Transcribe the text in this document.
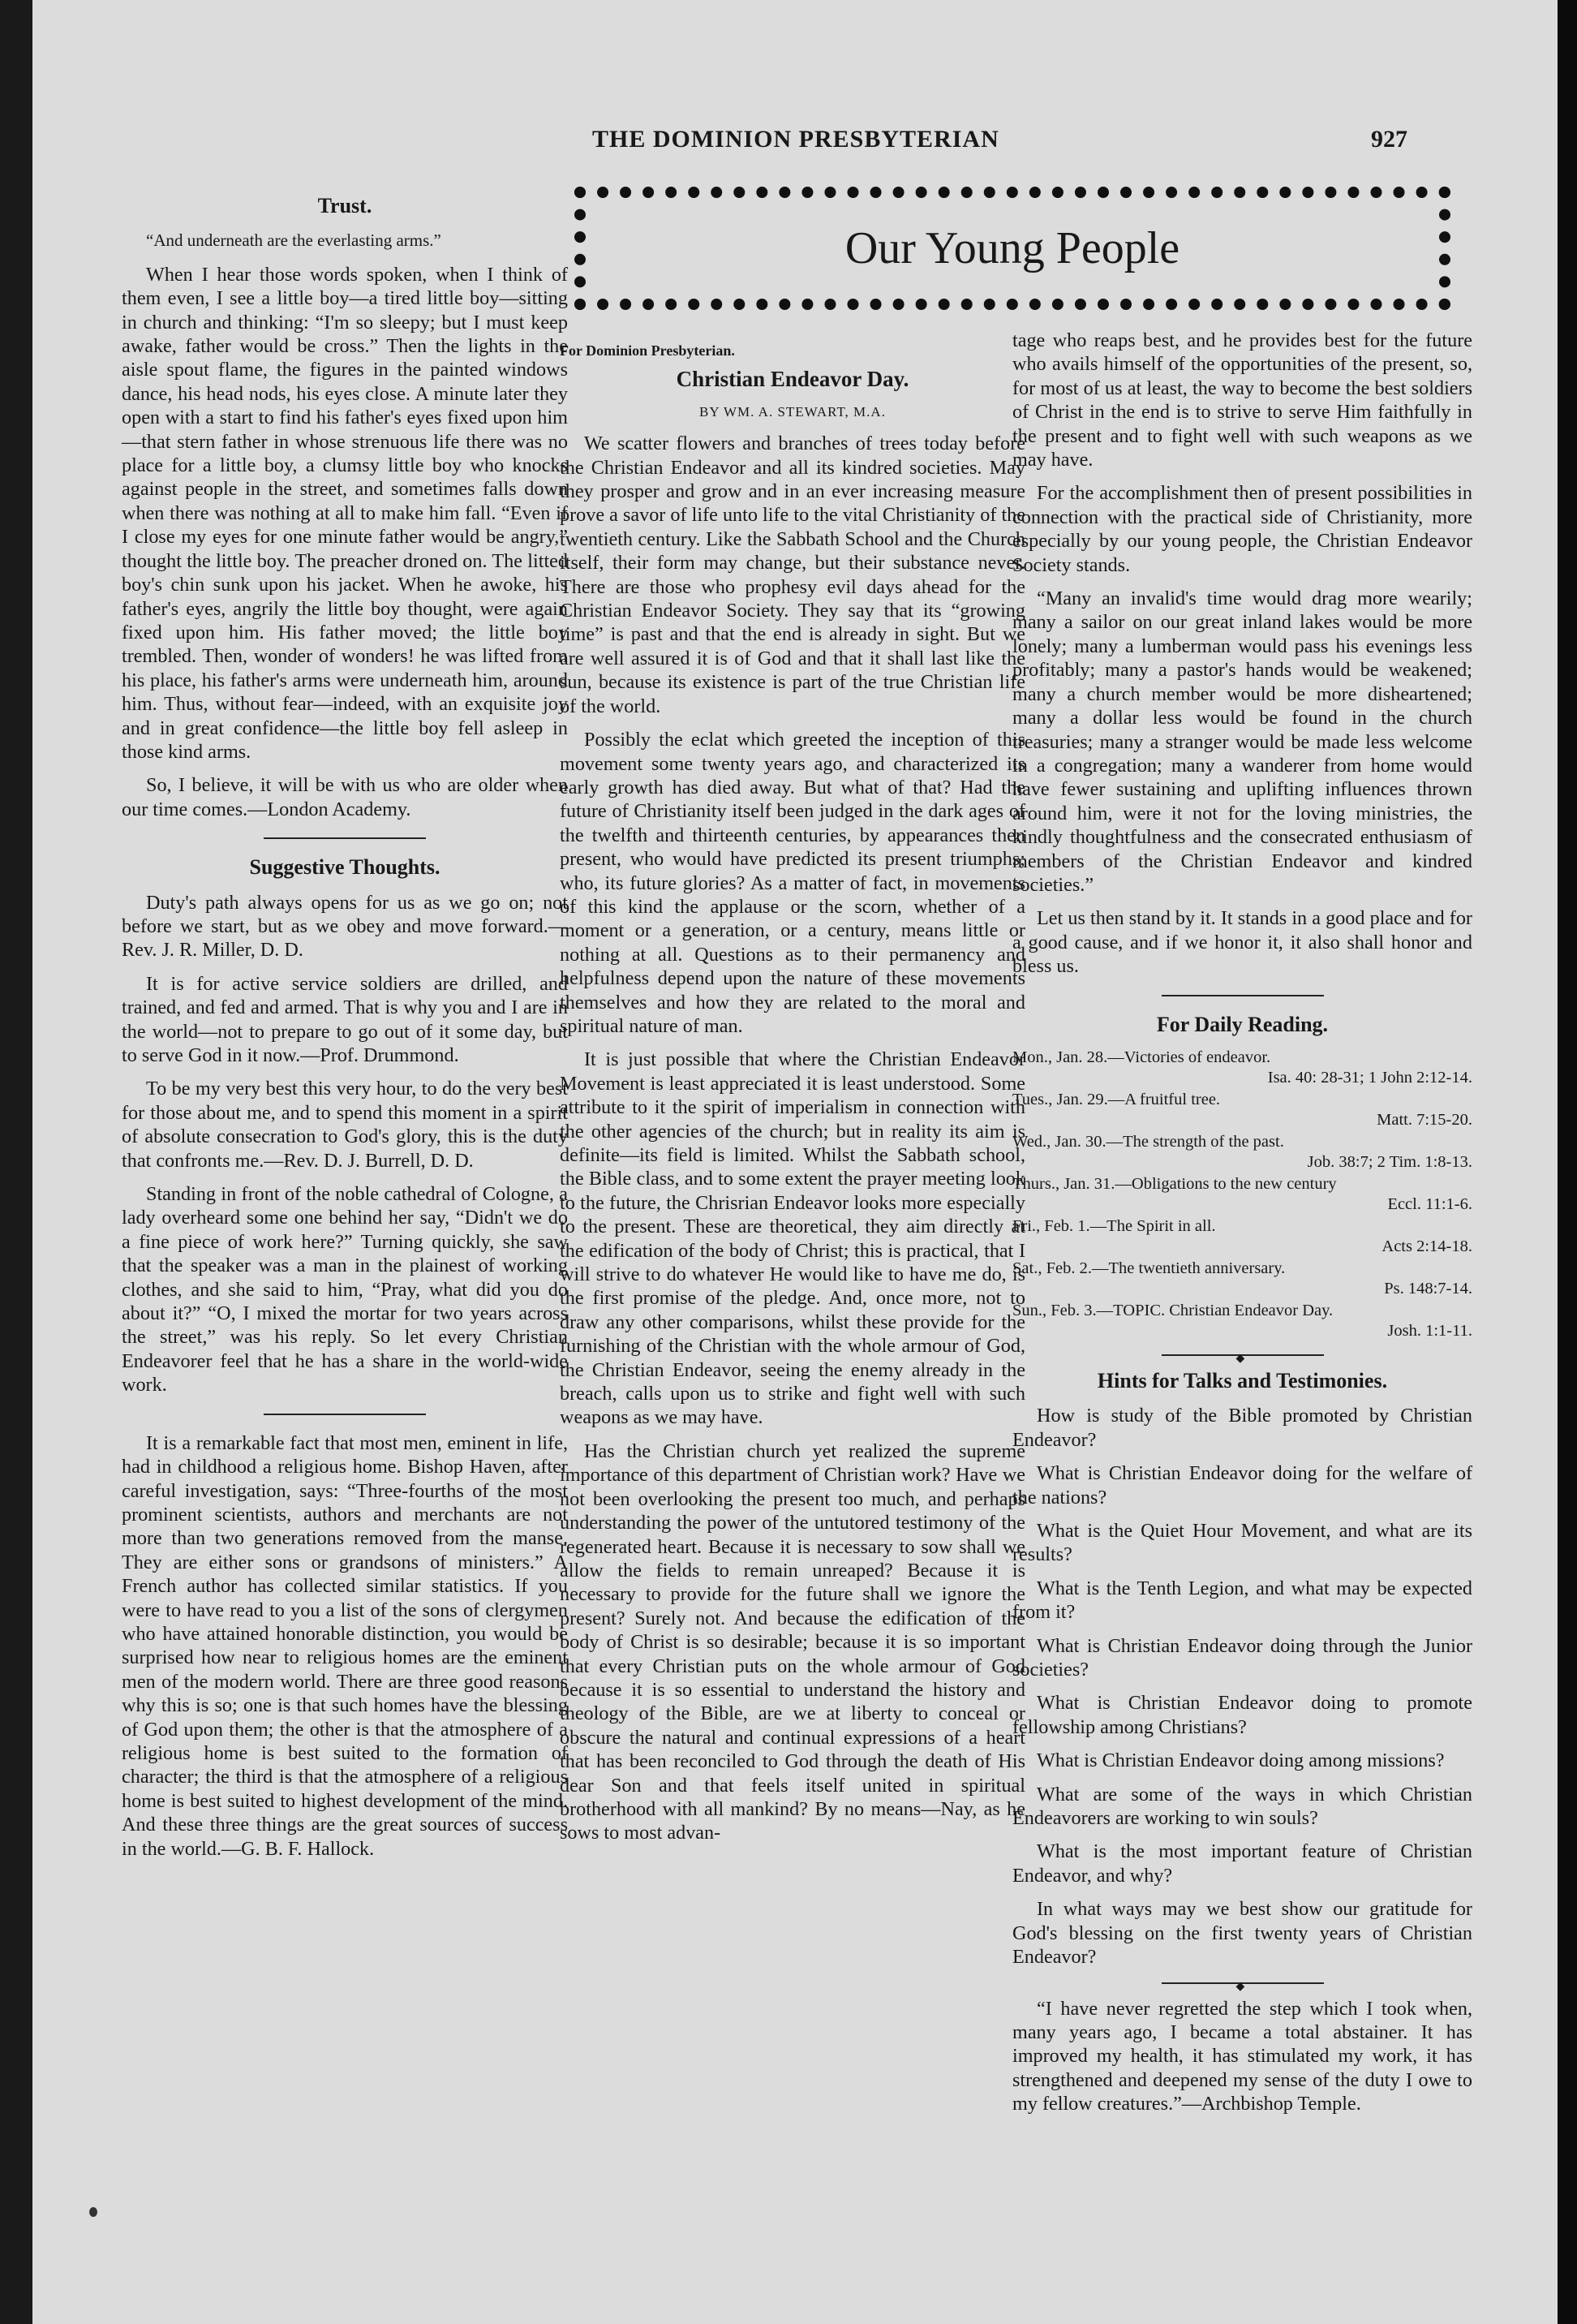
THE DOMINION PRESBYTERIAN	927
Trust.

“And underneath are the everlasting arms.”

When I hear those words spoken, when I think of them even, I see a little boy—a tired little boy—sitting in church and thinking: “I'm so sleepy; but I must keep awake, father would be cross.” Then the lights in the aisle spout flame, the figures in the painted windows dance, his head nods, his eyes close. A minute later they open with a start to find his father's eyes fixed upon him—that stern father in whose strenuous life there was no place for a little boy, a clumsy little boy who knocks against people in the street, and sometimes falls down when there was nothing at all to make him fall. “Even if I close my eyes for one minute father would be angry,” thought the little boy. The preacher droned on. The litted boy's chin sunk upon his jacket. When he awoke, his father's eyes, angrily the little boy thought, were again fixed upon him. His father moved; the little boy trembled. Then, wonder of wonders! he was lifted from his place, his father's arms were underneath him, around him. Thus, without fear—indeed, with an exquisite joy and in great confidence—the little boy fell asleep in those kind arms.

So, I believe, it will be with us who are older when our time comes.—London Academy.

Suggestive Thoughts.

Duty's path always opens for us as we go on; not before we start, but as we obey and move forward.—Rev. J. R. Miller, D. D.

It is for active service soldiers are drilled, and trained, and fed and armed. That is why you and I are in the world—not to prepare to go out of it some day, but to serve God in it now.—Prof. Drummond.

To be my very best this very hour, to do the very best for those about me, and to spend this moment in a spirit of absolute consecration to God's glory, this is the duty that confronts me.—Rev. D. J. Burrell, D. D.

Standing in front of the noble cathedral of Cologne, a lady overheard some one behind her say, “Didn't we do a fine piece of work here?” Turning quickly, she saw that the speaker was a man in the plainest of working clothes, and she said to him, “Pray, what did you do about it?” “O, I mixed the mortar for two years across the street,” was his reply. So let every Christian Endeavorer feel that he has a share in the world-wide work.

It is a remarkable fact that most men, eminent in life, had in childhood a religious home. Bishop Haven, after careful investigation, says: “Three-fourths of the most prominent scientists, authors and merchants are not more than two generations removed from the manse. They are either sons or grandsons of ministers.” A French author has collected similar statistics. If you were to have read to you a list of the sons of clergymen who have attained honorable distinction, you would be surprised how near to religious homes are the eminent men of the modern world. There are three good reasons why this is so; one is that such homes have the blessing of God upon them; the other is that the atmosphere of a religious home is best suited to the formation of character; the third is that the atmosphere of a religious home is best suited to highest development of the mind. And these three things are the great sources of success in the world.—G. B. F. Hallock.

Our Young People
For Dominion Presbyterian.
Christian Endeavor Day.
BY WM. A. STEWART, M.A.

We scatter flowers and branches of trees today before the Christian Endeavor and all its kindred societies. May they prosper and grow and in an ever increasing measure prove a savor of life unto life to the vital Christianity of the twentieth century. Like the Sabbath School and the Church itself, their form may change, but their substance never. There are those who prophesy evil days ahead for the Christian Endeavor Society. They say that its “growing time” is past and that the end is already in sight. But we are well assured it is of God and that it shall last like the sun, because its existence is part of the true Christian life of the world.

Possibly the eclat which greeted the inception of this movement some twenty years ago, and characterized its early growth has died away. But what of that? Had the future of Christianity itself been judged in the dark ages of the twelfth and thirteenth centuries, by appearances then present, who would have predicted its present triumphs; who, its future glories? As a matter of fact, in movements of this kind the applause or the scorn, whether of a moment or a generation, or a century, means little or nothing at all. Questions as to their permanency and helpfulness depend upon the nature of these movements themselves and how they are related to the moral and spiritual nature of man.

It is just possible that where the Christian Endeavor Movement is least appreciated it is least understood. Some attribute to it the spirit of imperialism in connection with the other agencies of the church; but in reality its aim is definite—its field is limited. Whilst the Sabbath school, the Bible class, and to some extent the prayer meeting look to the future, the Chrisrian Endeavor looks more especially to the present. These are theoretical, they aim directly at the edification of the body of Christ; this is practical, that I will strive to do whatever He would like to have me do, is the first promise of the pledge. And, once more, not to draw any other comparisons, whilst these provide for the furnishing of the Christian with the whole armour of God, the Christian Endeavor, seeing the enemy already in the breach, calls upon us to strike and fight well with such weapons as we may have.

Has the Christian church yet realized the supreme importance of this department of Christian work? Have we not been overlooking the present too much, and perhaps understanding the power of the untutored testimony of the regenerated heart. Because it is necessary to sow shall we allow the fields to remain unreaped? Because it is necessary to provide for the future shall we ignore the present? Surely not. And because the edification of the body of Christ is so desirable; because it is so important that every Christian puts on the whole armour of God because it is so essential to understand the history and theology of the Bible, are we at liberty to conceal or obscure the natural and continual expressions of a heart that has been reconciled to God through the death of His dear Son and that feels itself united in spiritual brotherhood with all mankind? By no means—Nay, as he sows to most advan-

tage who reaps best, and he provides best for the future who avails himself of the opportunities of the present, so, for most of us at least, the way to become the best soldiers of Christ in the end is to strive to serve Him faithfully in the present and to fight well with such weapons as we may have.

For the accomplishment then of present possibilities in connection with the practical side of Christianity, more especially by our young people, the Christian Endeavor Society stands.

“Many an invalid's time would drag more wearily; many a sailor on our great inland lakes would be more lonely; many a lumberman would pass his evenings less profitably; many a pastor's hands would be weakened; many a church member would be more disheartened; many a dollar less would be found in the church treasuries; many a stranger would be made less welcome in a congregation; many a wanderer from home would have fewer sustaining and uplifting influences thrown around him, were it not for the loving ministries, the kindly thoughtfulness and the consecrated enthusiasm of members of the Christian Endeavor and kindred societies.”

Let us then stand by it. It stands in a good place and for a good cause, and if we honor it, it also shall honor and bless us.

For Daily Reading.
Mon., Jan. 28.—Victories of endeavor.
Isa. 40: 28-31; 1 John 2:12-14.
Tues., Jan. 29.—A fruitful tree.
Matt. 7:15-20.
Wed., Jan. 30.—The strength of the past.
Job. 38:7; 2 Tim. 1:8-13.
Thurs., Jan. 31.—Obligations to the new century
Eccl. 11:1-6.
Fri., Feb. 1.—The Spirit in all.
Acts 2:14-18.
Sat., Feb. 2.—The twentieth anniversary.
Ps. 148:7-14.
Sun., Feb. 3.—TOPIC. Christian Endeavor Day.
Josh. 1:1-11.
◆
Hints for Talks and Testimonies.

How is study of the Bible promoted by Christian Endeavor?

What is Christian Endeavor doing for the welfare of the nations?

What is the Quiet Hour Movement, and what are its results?

What is the Tenth Legion, and what may be expected from it?

What is Christian Endeavor doing through the Junior societies?

What is Christian Endeavor doing to promote fellowship among Christians?

What is Christian Endeavor doing among missions?

What are some of the ways in which Christian Endeavorers are working to win souls?

What is the most important feature of Christian Endeavor, and why?

In what ways may we best show our gratitude for God's blessing on the first twenty years of Christian Endeavor?

◆

“I have never regretted the step which I took when, many years ago, I became a total abstainer. It has improved my health, it has stimulated my work, it has strengthened and deepened my sense of the duty I owe to my fellow creatures.”—Archbishop Temple.
